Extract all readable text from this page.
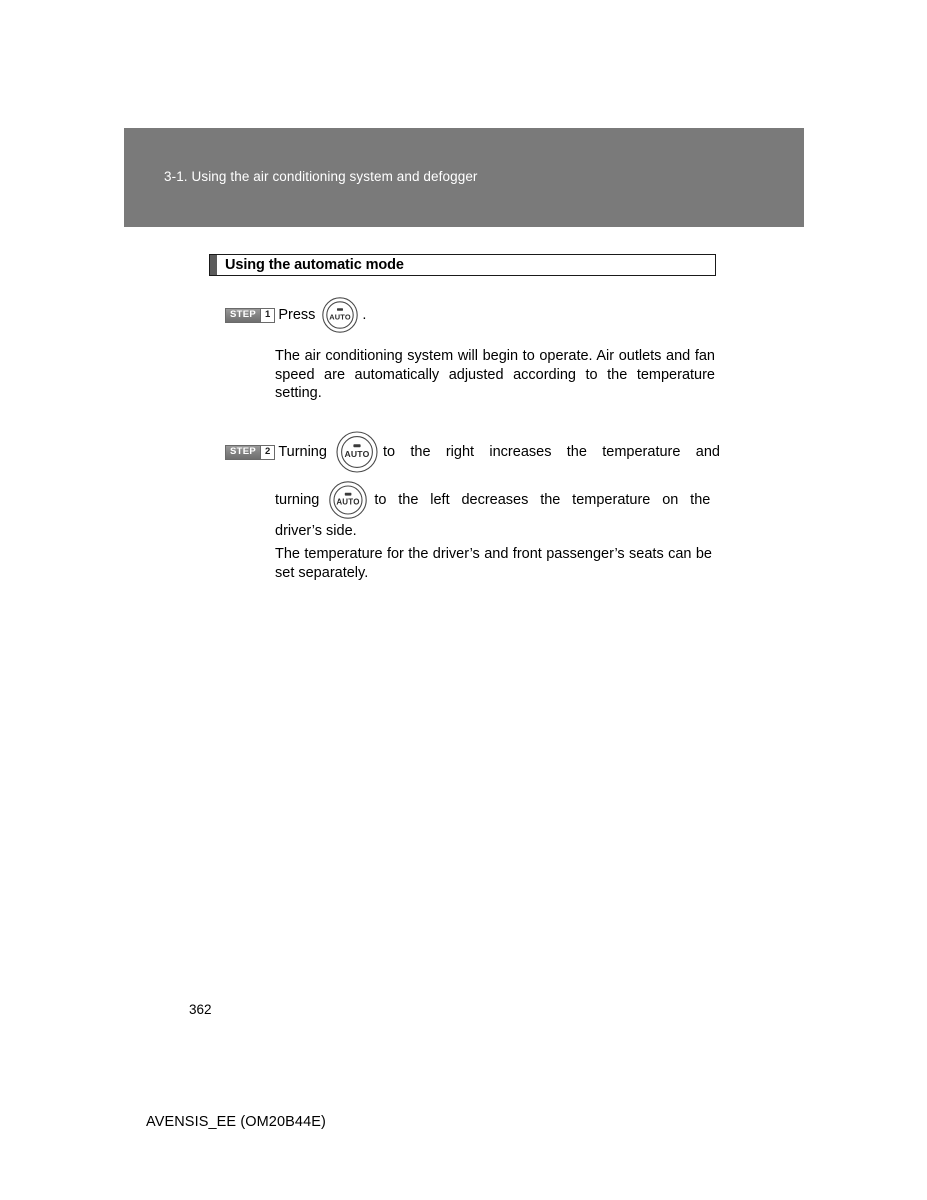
3-1. Using the air conditioning system and defogger
Using the automatic mode
STEP 1 Press AUTO .
The air conditioning system will begin to operate. Air outlets and fan speed are automatically adjusted according to the temperature setting.
STEP 2 Turning AUTO to the right increases the temperature and
turning AUTO to the left decreases the temperature on the
driver’s side.
The temperature for the driver’s and front passenger’s seats can be set separately.
362
AVENSIS_EE (OM20B44E)
